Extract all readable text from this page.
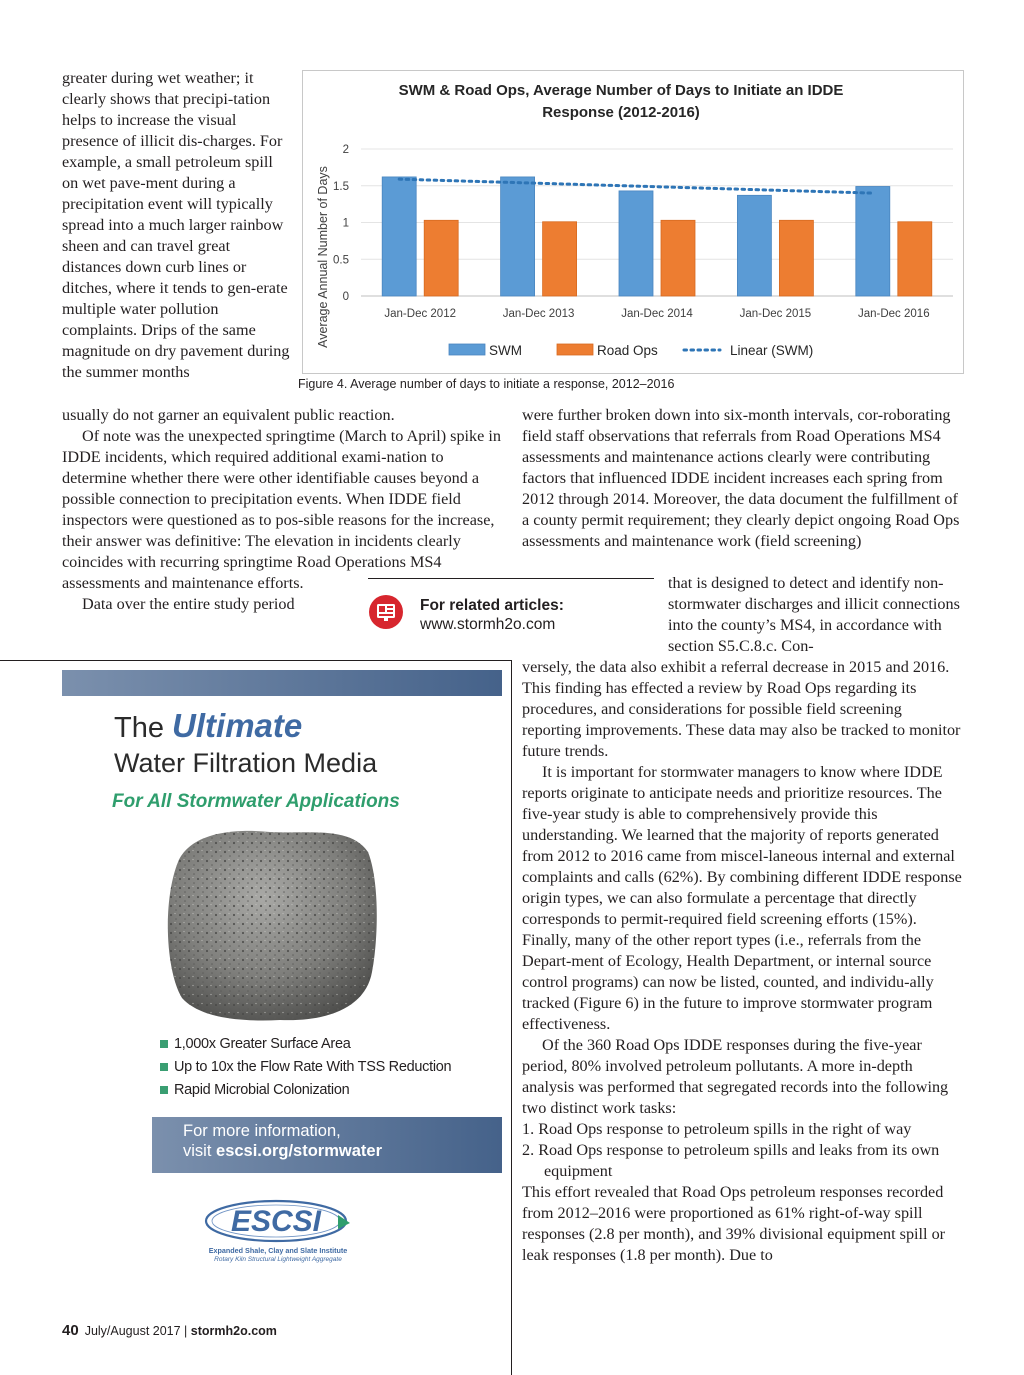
greater during wet weather; it clearly shows that precipi-tation helps to increase the visual presence of illicit dis-charges. For example, a small petroleum spill on wet pave-ment during a precipitation event will typically spread into a much larger rainbow sheen and can travel great distances down curb lines or ditches, where it tends to gen-erate multiple water pollution complaints. Drips of the same magnitude on dry pavement during the summer months

usually do not garner an equivalent public reaction.

Of note was the unexpected springtime (March to April) spike in IDDE incidents, which required additional exami-nation to determine whether there were other identifiable causes beyond a possible connection to precipitation events. When IDDE field inspectors were questioned as to pos-sible reasons for the increase, their answer was definitive: The elevation in incidents clearly coincides with recurring springtime Road Operations MS4 assessments and maintenance efforts.

Data over the entire study period

SWM & Road Ops, Average Number of Days to Initiate an IDDE
Response (2012-2016)
Average Annual Number of Days 0
0.5
1
1.5
2
Jan-Dec 2012	Jan-Dec 2013	Jan-Dec 2014	Jan-Dec 2015	Jan-Dec 2016
SWM	Road Ops	Linear (SWM)

Figure 4. Average number of days to initiate a response, 2012–2016

were further broken down into six-month intervals, cor-roborating field staff observations that referrals from Road Operations MS4 assessments and maintenance actions clearly were contributing factors that influenced IDDE incident increases each spring from 2012 through 2014. Moreover, the data document the fulfillment of a county permit requirement; they clearly depict ongoing Road Ops assessments and maintenance work (field screening)

For related articles:

www.stormh2o.com

that is designed to detect and identify non-stormwater discharges and illicit connections into the county’s MS4, in accordance with section S5.C.8.c. Con-

versely, the data also exhibit a referral decrease in 2015 and 2016. This finding has effected a review by Road Ops regarding its procedures, and considerations for possible field screening reporting improvements. These data may also be tracked to monitor future trends.

It is important for stormwater managers to know where IDDE reports originate to anticipate needs and prioritize resources. The five-year study is able to comprehensively provide this understanding. We learned that the majority of reports generated from 2012 to 2016 came from miscel-laneous internal and external complaints and calls (62%). By combining different IDDE response origin types, we can also formulate a percentage that directly corresponds to permit-required field screening efforts (15%). Finally, many of the other report types (i.e., referrals from the Depart-ment of Ecology, Health Department, or internal source control programs) can now be listed, counted, and individu-ally tracked (Figure 6) in the future to improve stormwater program effectiveness.

Of the 360 Road Ops IDDE responses during the five-year period, 80% involved petroleum pollutants. A more in-depth analysis was performed that segregated records into the following two distinct work tasks:

1. Road Ops response to petroleum spills in the right of way

2. Road Ops response to petroleum spills and leaks from its own equipment

This effort revealed that Road Ops petroleum responses recorded from 2012–2016 were proportioned as 61% right-of-way spill responses (2.8 per month), and 39% divisional equipment spill or leak responses (1.8 per month). Due to

The Ultimate

Water Filtration Media

For All Stormwater Applications

1,000x Greater Surface Area
Up to 10x the Flow Rate With TSS Reduction
Rapid Microbial Colonization

For more information,

visit escsi.org/stormwater

ESCSI

Expanded Shale, Clay and Slate Institute

Rotary Kiln Structural Lightweight Aggregate

40 July/August 2017 | stormh2o.com
